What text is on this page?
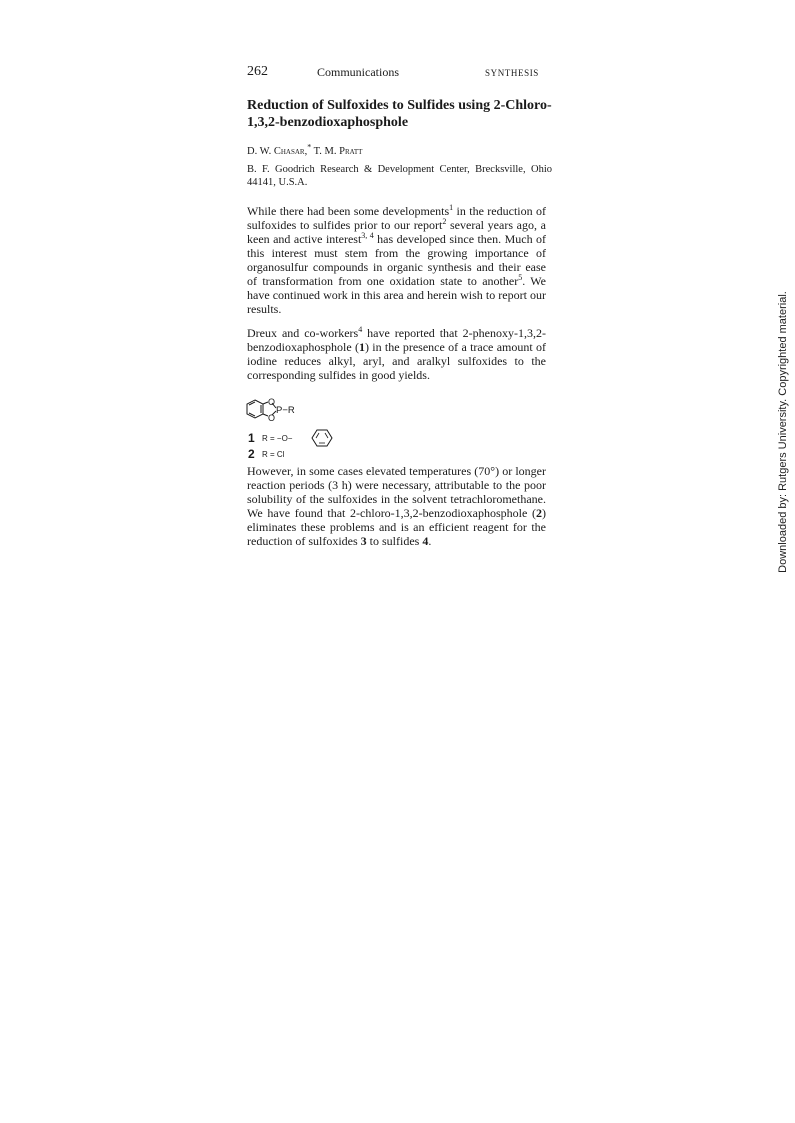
262	Communications	SYNTHESIS
Reduction of Sulfoxides to Sulfides using 2-Chloro-1,3,2-benzodioxaphosphole
D. W. Chasar,* T. M. Pratt
B. F. Goodrich Research & Development Center, Brecksville, Ohio 44141, U.S.A.
While there had been some developments$^1$ in the reduction of sulfoxides to sulfides prior to our report$^2$ several years ago, a keen and active interest$^{3, 4}$ has developed since then. Much of this interest must stem from the growing importance of organosulfur compounds in organic synthesis and their ease of transformation from one oxidation state to another$^5$. We have continued work in this area and herein wish to report our results.
Dreux and co-workers$^4$ have reported that 2-phenoxy-1,3,2-benzodioxaphosphole (1) in the presence of a trace amount of iodine reduces alkyl, aryl, and aralkyl sulfoxides to the corresponding sulfides in good yields.
O
O
P−R
1 R = −O−
2 R = Cl
However, in some cases elevated temperatures (70°) or longer reaction periods (3 h) were necessary, attributable to the poor solubility of the sulfoxides in the solvent tetrachloromethane. We have found that 2-chloro-1,3,2-benzodioxaphosphole (2) eliminates these problems and is an efficient reagent for the reduction of sulfoxides 3 to sulfides 4.	Downloaded by: Rutgers University. Copyrighted material.
